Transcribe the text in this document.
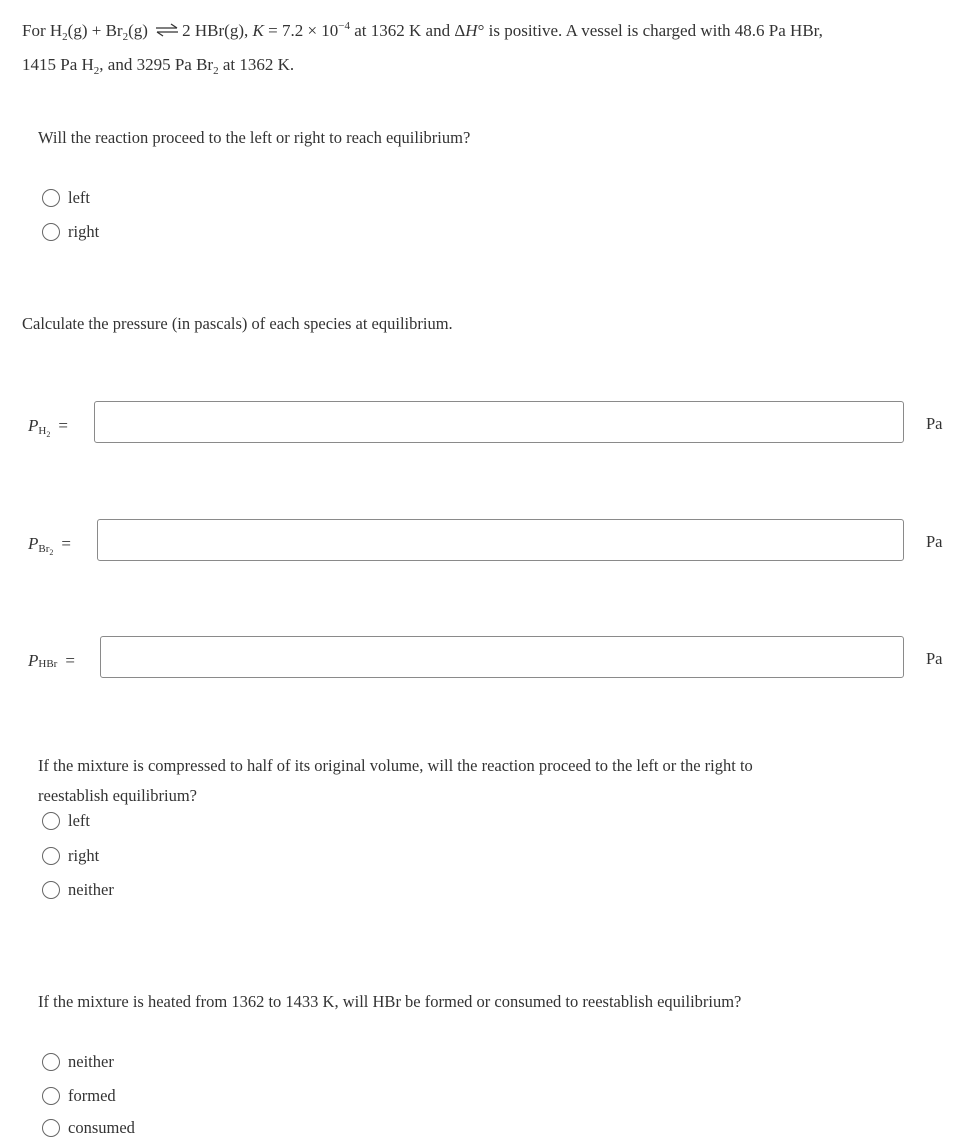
For $H_2(g) + Br_2(g)$ ⇌ 2 HBr(g), $K = 7.2 \times 10^{-4}$ at 1362 K and ΔH° is positive. A vessel is charged with 48.6 Pa HBr,
1415 Pa $H_2$, and 3295 Pa $Br_2$ at 1362 K.
Will the reaction proceed to the left or right to reach equilibrium?
left
right
Calculate the pressure (in pascals) of each species at equilibrium.
P $H_2$ =	Pa
P $Br_2$ =	Pa
P HBr =	Pa
If the mixture is compressed to half of its original volume, will the reaction proceed to the left or the right to
reestablish equilibrium?
left
right
neither
If the mixture is heated from 1362 to 1433 K, will HBr be formed or consumed to reestablish equilibrium?
neither
formed
consumed
